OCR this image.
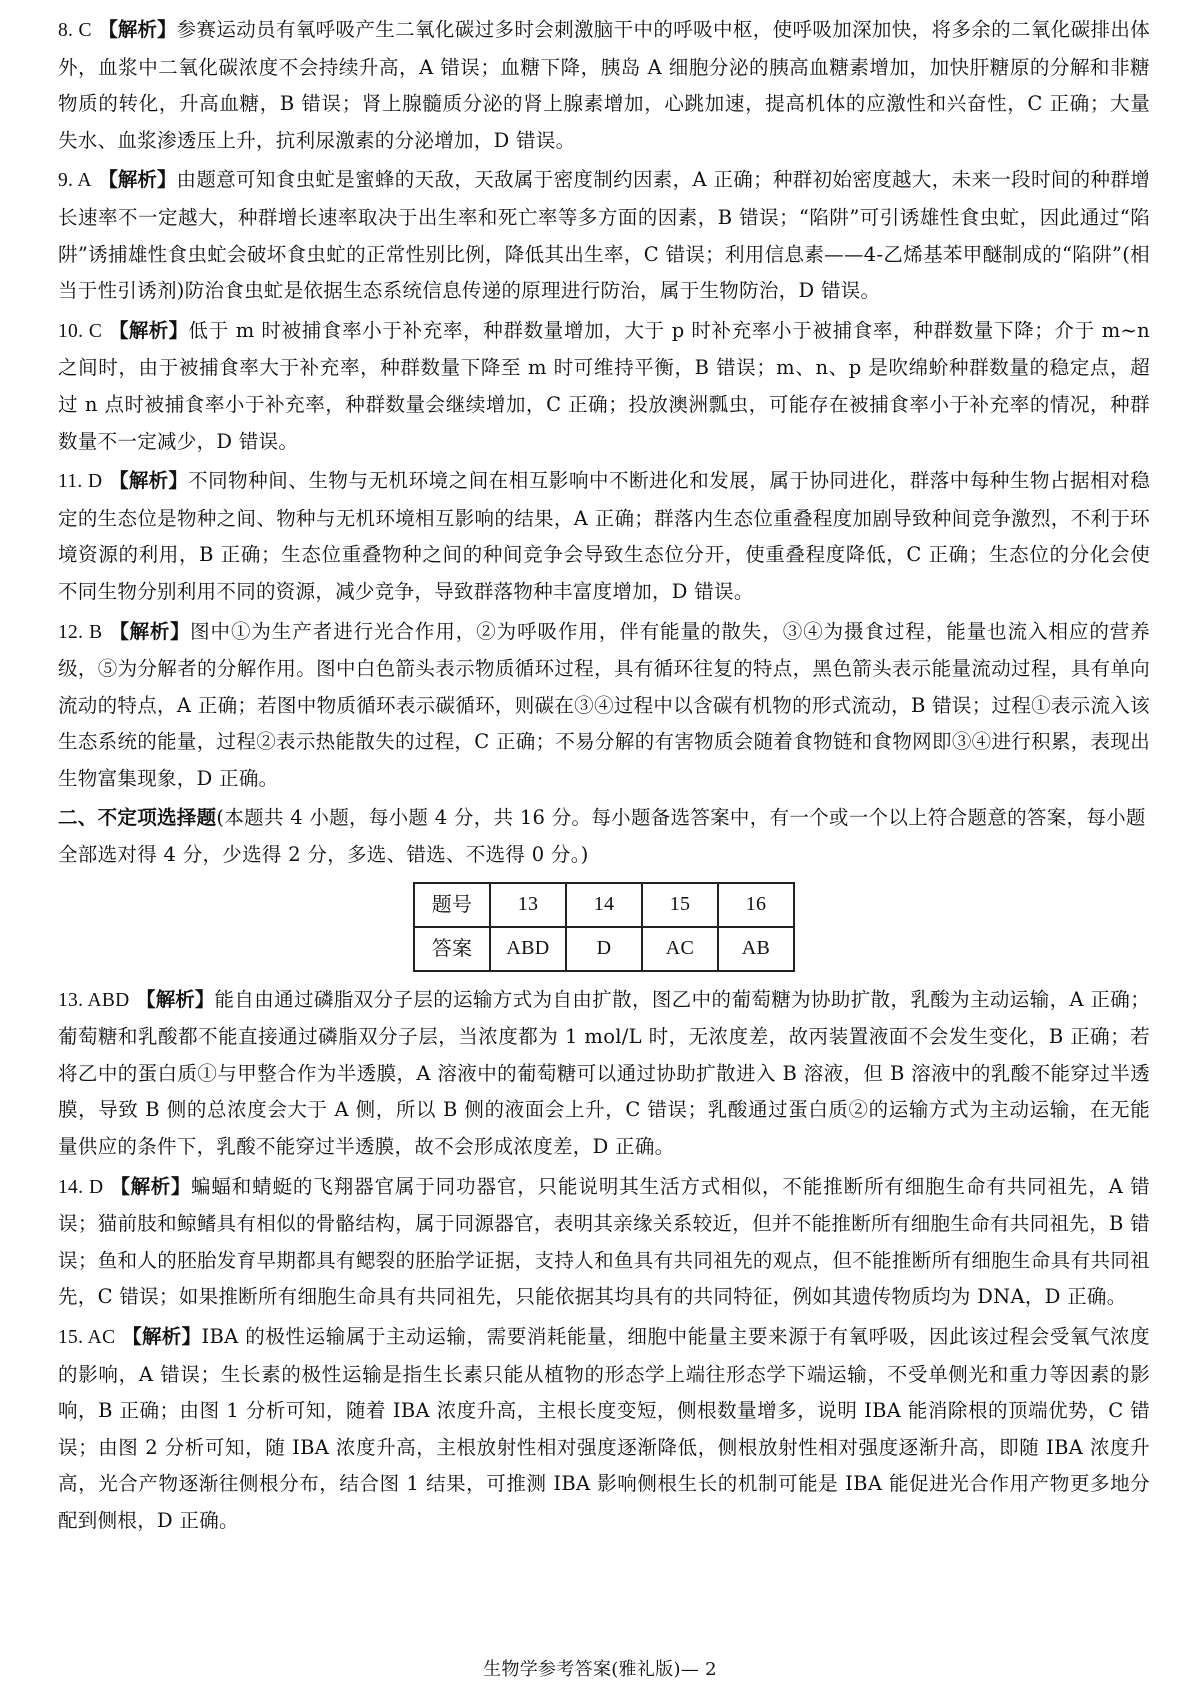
8. C 【解析】参赛运动员有氧呼吸产生二氧化碳过多时会刺激脑干中的呼吸中枢，使呼吸加深加快，将多余的二氧化碳排出体外，血浆中二氧化碳浓度不会持续升高，A 错误；血糖下降，胰岛 A 细胞分泌的胰高血糖素增加，加快肝糖原的分解和非糖物质的转化，升高血糖，B 错误；肾上腺髓质分泌的肾上腺素增加，心跳加速，提高机体的应激性和兴奋性，C 正确；大量失水、血浆渗透压上升，抗利尿激素的分泌增加，D 错误。
9. A 【解析】由题意可知食虫虻是蜜蜂的天敌，天敌属于密度制约因素，A 正确；种群初始密度越大，未来一段时间的种群增长速率不一定越大，种群增长速率取决于出生率和死亡率等多方面的因素，B 错误；“陷阱”可引诱雄性食虫虻，因此通过“陷阱”诱捕雄性食虫虻会破坏食虫虻的正常性别比例，降低其出生率，C 错误；利用信息素——4-乙烯基苯甲醚制成的“陷阱”(相当于性引诱剂)防治食虫虻是依据生态系统信息传递的原理进行防治，属于生物防治，D 错误。
10. C 【解析】低于 m 时被捕食率小于补充率，种群数量增加，大于 p 时补充率小于被捕食率，种群数量下降；介于 m~n 之间时，由于被捕食率大于补充率，种群数量下降至 m 时可维持平衡，B 错误；m、n、p 是吹绵蚧种群数量的稳定点，超过 n 点时被捕食率小于补充率，种群数量会继续增加，C 正确；投放澳洲瓢虫，可能存在被捕食率小于补充率的情况，种群数量不一定减少，D 错误。
11. D 【解析】不同物种间、生物与无机环境之间在相互影响中不断进化和发展，属于协同进化，群落中每种生物占据相对稳定的生态位是物种之间、物种与无机环境相互影响的结果，A 正确；群落内生态位重叠程度加剧导致种间竞争激烈，不利于环境资源的利用，B 正确；生态位重叠物种之间的种间竞争会导致生态位分开，使重叠程度降低，C 正确；生态位的分化会使不同生物分别利用不同的资源，减少竞争，导致群落物种丰富度增加，D 错误。
12. B 【解析】图中①为生产者进行光合作用，②为呼吸作用，伴有能量的散失，③④为摄食过程，能量也流入相应的营养级，⑤为分解者的分解作用。图中白色箭头表示物质循环过程，具有循环往复的特点，黑色箭头表示能量流动过程，具有单向流动的特点，A 正确；若图中物质循环表示碳循环，则碳在③④过程中以含碳有机物的形式流动，B 错误；过程①表示流入该生态系统的能量，过程②表示热能散失的过程，C 正确；不易分解的有害物质会随着食物链和食物网即③④进行积累，表现出生物富集现象，D 正确。
二、不定项选择题(本题共 4 小题，每小题 4 分，共 16 分。每小题备选答案中，有一个或一个以上符合题意的答案，每小题全部选对得 4 分，少选得 2 分，多选、错选、不选得 0 分。)
题号	13	14	15	16
答案	ABD	D	AC	AB
13. ABD 【解析】能自由通过磷脂双分子层的运输方式为自由扩散，图乙中的葡萄糖为协助扩散，乳酸为主动运输，A 正确；葡萄糖和乳酸都不能直接通过磷脂双分子层，当浓度都为 1 mol/L 时，无浓度差，故丙装置液面不会发生变化，B 正确；若将乙中的蛋白质①与甲整合作为半透膜，A 溶液中的葡萄糖可以通过协助扩散进入 B 溶液，但 B 溶液中的乳酸不能穿过半透膜，导致 B 侧的总浓度会大于 A 侧，所以 B 侧的液面会上升，C 错误；乳酸通过蛋白质②的运输方式为主动运输，在无能量供应的条件下，乳酸不能穿过半透膜，故不会形成浓度差，D 正确。
14. D 【解析】蝙蝠和蜻蜓的飞翔器官属于同功器官，只能说明其生活方式相似，不能推断所有细胞生命有共同祖先，A 错误；猫前肢和鲸鳍具有相似的骨骼结构，属于同源器官，表明其亲缘关系较近，但并不能推断所有细胞生命有共同祖先，B 错误；鱼和人的胚胎发育早期都具有鳃裂的胚胎学证据，支持人和鱼具有共同祖先的观点，但不能推断所有细胞生命具有共同祖先，C 错误；如果推断所有细胞生命具有共同祖先，只能依据其均具有的共同特征，例如其遗传物质均为 DNA，D 正确。
15. AC 【解析】IBA 的极性运输属于主动运输，需要消耗能量，细胞中能量主要来源于有氧呼吸，因此该过程会受氧气浓度的影响，A 错误；生长素的极性运输是指生长素只能从植物的形态学上端往形态学下端运输，不受单侧光和重力等因素的影响，B 正确；由图 1 分析可知，随着 IBA 浓度升高，主根长度变短，侧根数量增多，说明 IBA 能消除根的顶端优势，C 错误；由图 2 分析可知，随 IBA 浓度升高，主根放射性相对强度逐渐降低，侧根放射性相对强度逐渐升高，即随 IBA 浓度升高，光合产物逐渐往侧根分布，结合图 1 结果，可推测 IBA 影响侧根生长的机制可能是 IBA 能促进光合作用产物更多地分配到侧根，D 正确。
生物学参考答案(雅礼版)— 2
